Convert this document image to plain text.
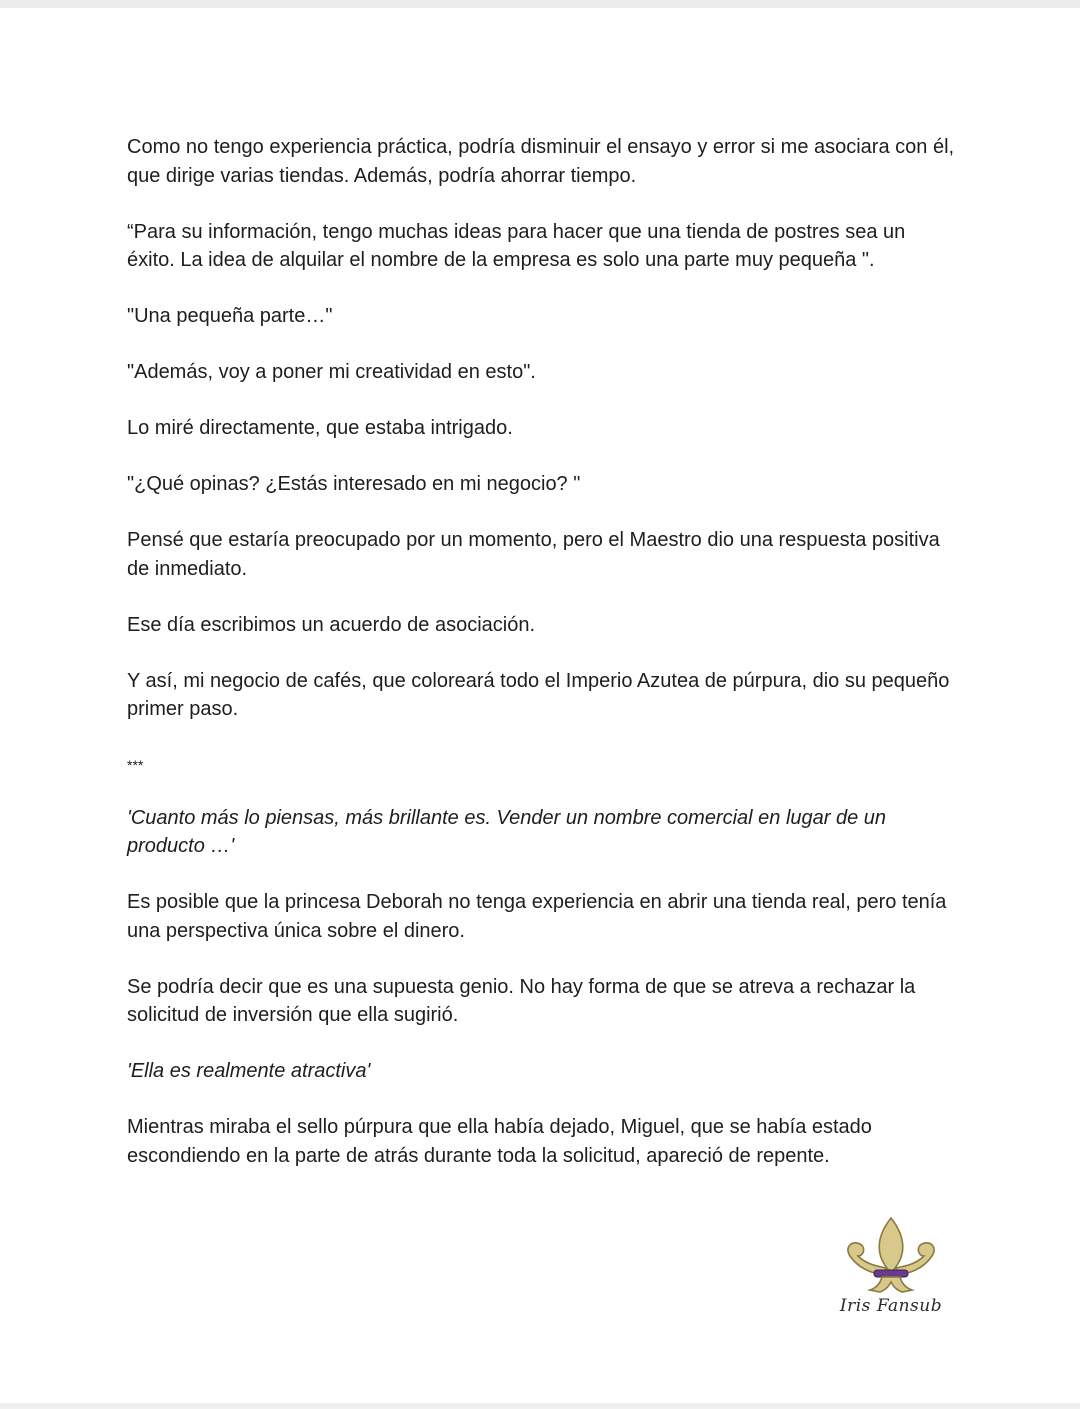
Como no tengo experiencia práctica, podría disminuir el ensayo y error si me asociara con él, que dirige varias tiendas. Además, podría ahorrar tiempo.

“Para su información, tengo muchas ideas para hacer que una tienda de postres sea un éxito. La idea de alquilar el nombre de la empresa es solo una parte muy pequeña ".

"Una pequeña parte…"

"Además, voy a poner mi creatividad en esto".

Lo miré directamente, que estaba intrigado.

"¿Qué opinas? ¿Estás interesado en mi negocio? "

Pensé que estaría preocupado por un momento, pero el Maestro dio una respuesta positiva de inmediato.

Ese día escribimos un acuerdo de asociación.

Y así, mi negocio de cafés, que coloreará todo el Imperio Azutea de púrpura, dio su pequeño primer paso.

***

'Cuanto más lo piensas, más brillante es. Vender un nombre comercial en lugar de un producto …'

Es posible que la princesa Deborah no tenga experiencia en abrir una tienda real, pero tenía una perspectiva única sobre el dinero.

Se podría decir que es una supuesta genio. No hay forma de que se atreva a rechazar la solicitud de inversión que ella sugirió.

'Ella es realmente atractiva'

Mientras miraba el sello púrpura que ella había dejado, Miguel, que se había estado escondiendo en la parte de atrás durante toda la solicitud, apareció de repente.

Iris Fansub
